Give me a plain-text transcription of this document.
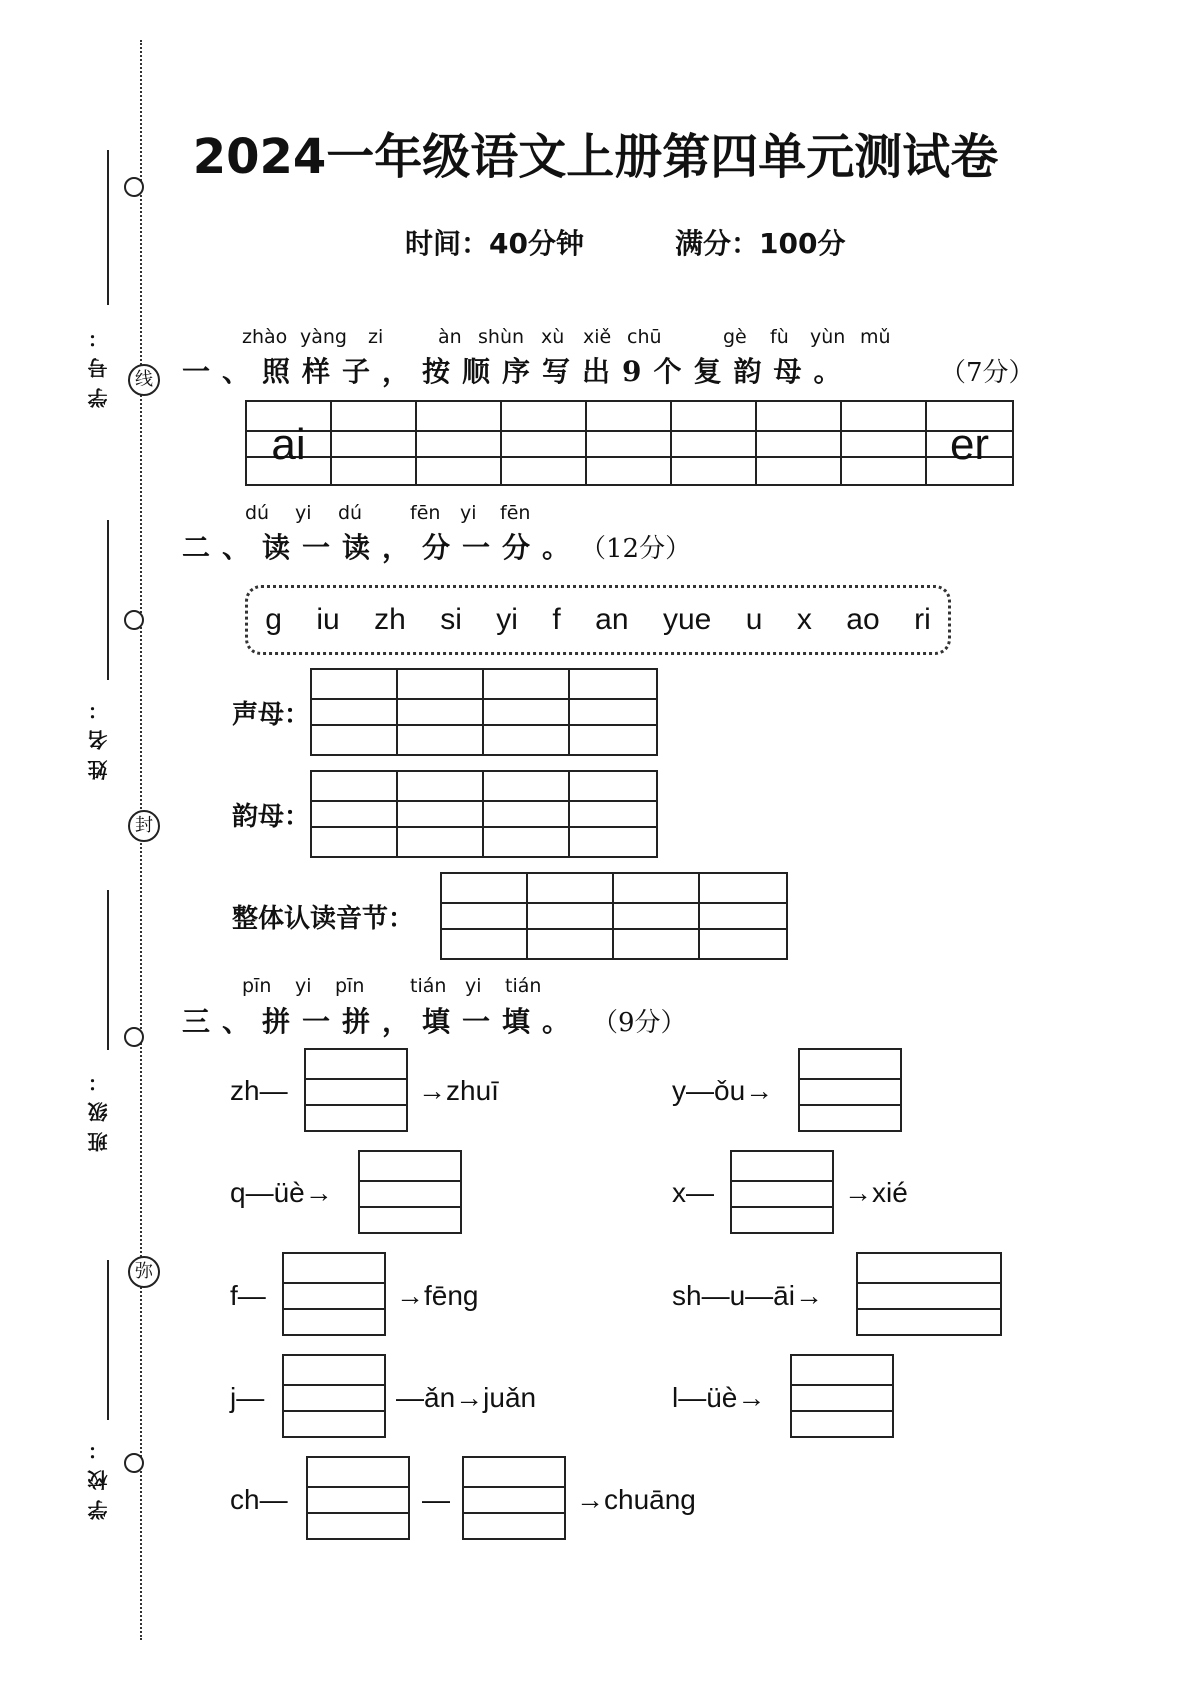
线
封
弥
学号：
姓名：
班级：
学校：
2024一年级语文上册第四单元测试卷
时间：40分钟	满分：100分
zhào yàng zi	àn shùn xù xiě chū	gè fù yùn mǔ
一、照样子，按顺序写出9个复韵母。	（7分）
ai	er
dú yi dú	fēn yi fēn
二、读一读，分一分。
（12分）
g iu zh si yi f an yue u x ao ri
声母：
韵母：
整体认读音节：
pīn yi pīn tián yi tián
三、拼一拼，填一填。 （9分）
zh—	→zhuī	y—ǒu→
q—üè→	x—	→xié
f—	→fēng	sh—u—āi→
j—	—ǎn→juǎn	l—üè→
ch—	—	→chuāng
